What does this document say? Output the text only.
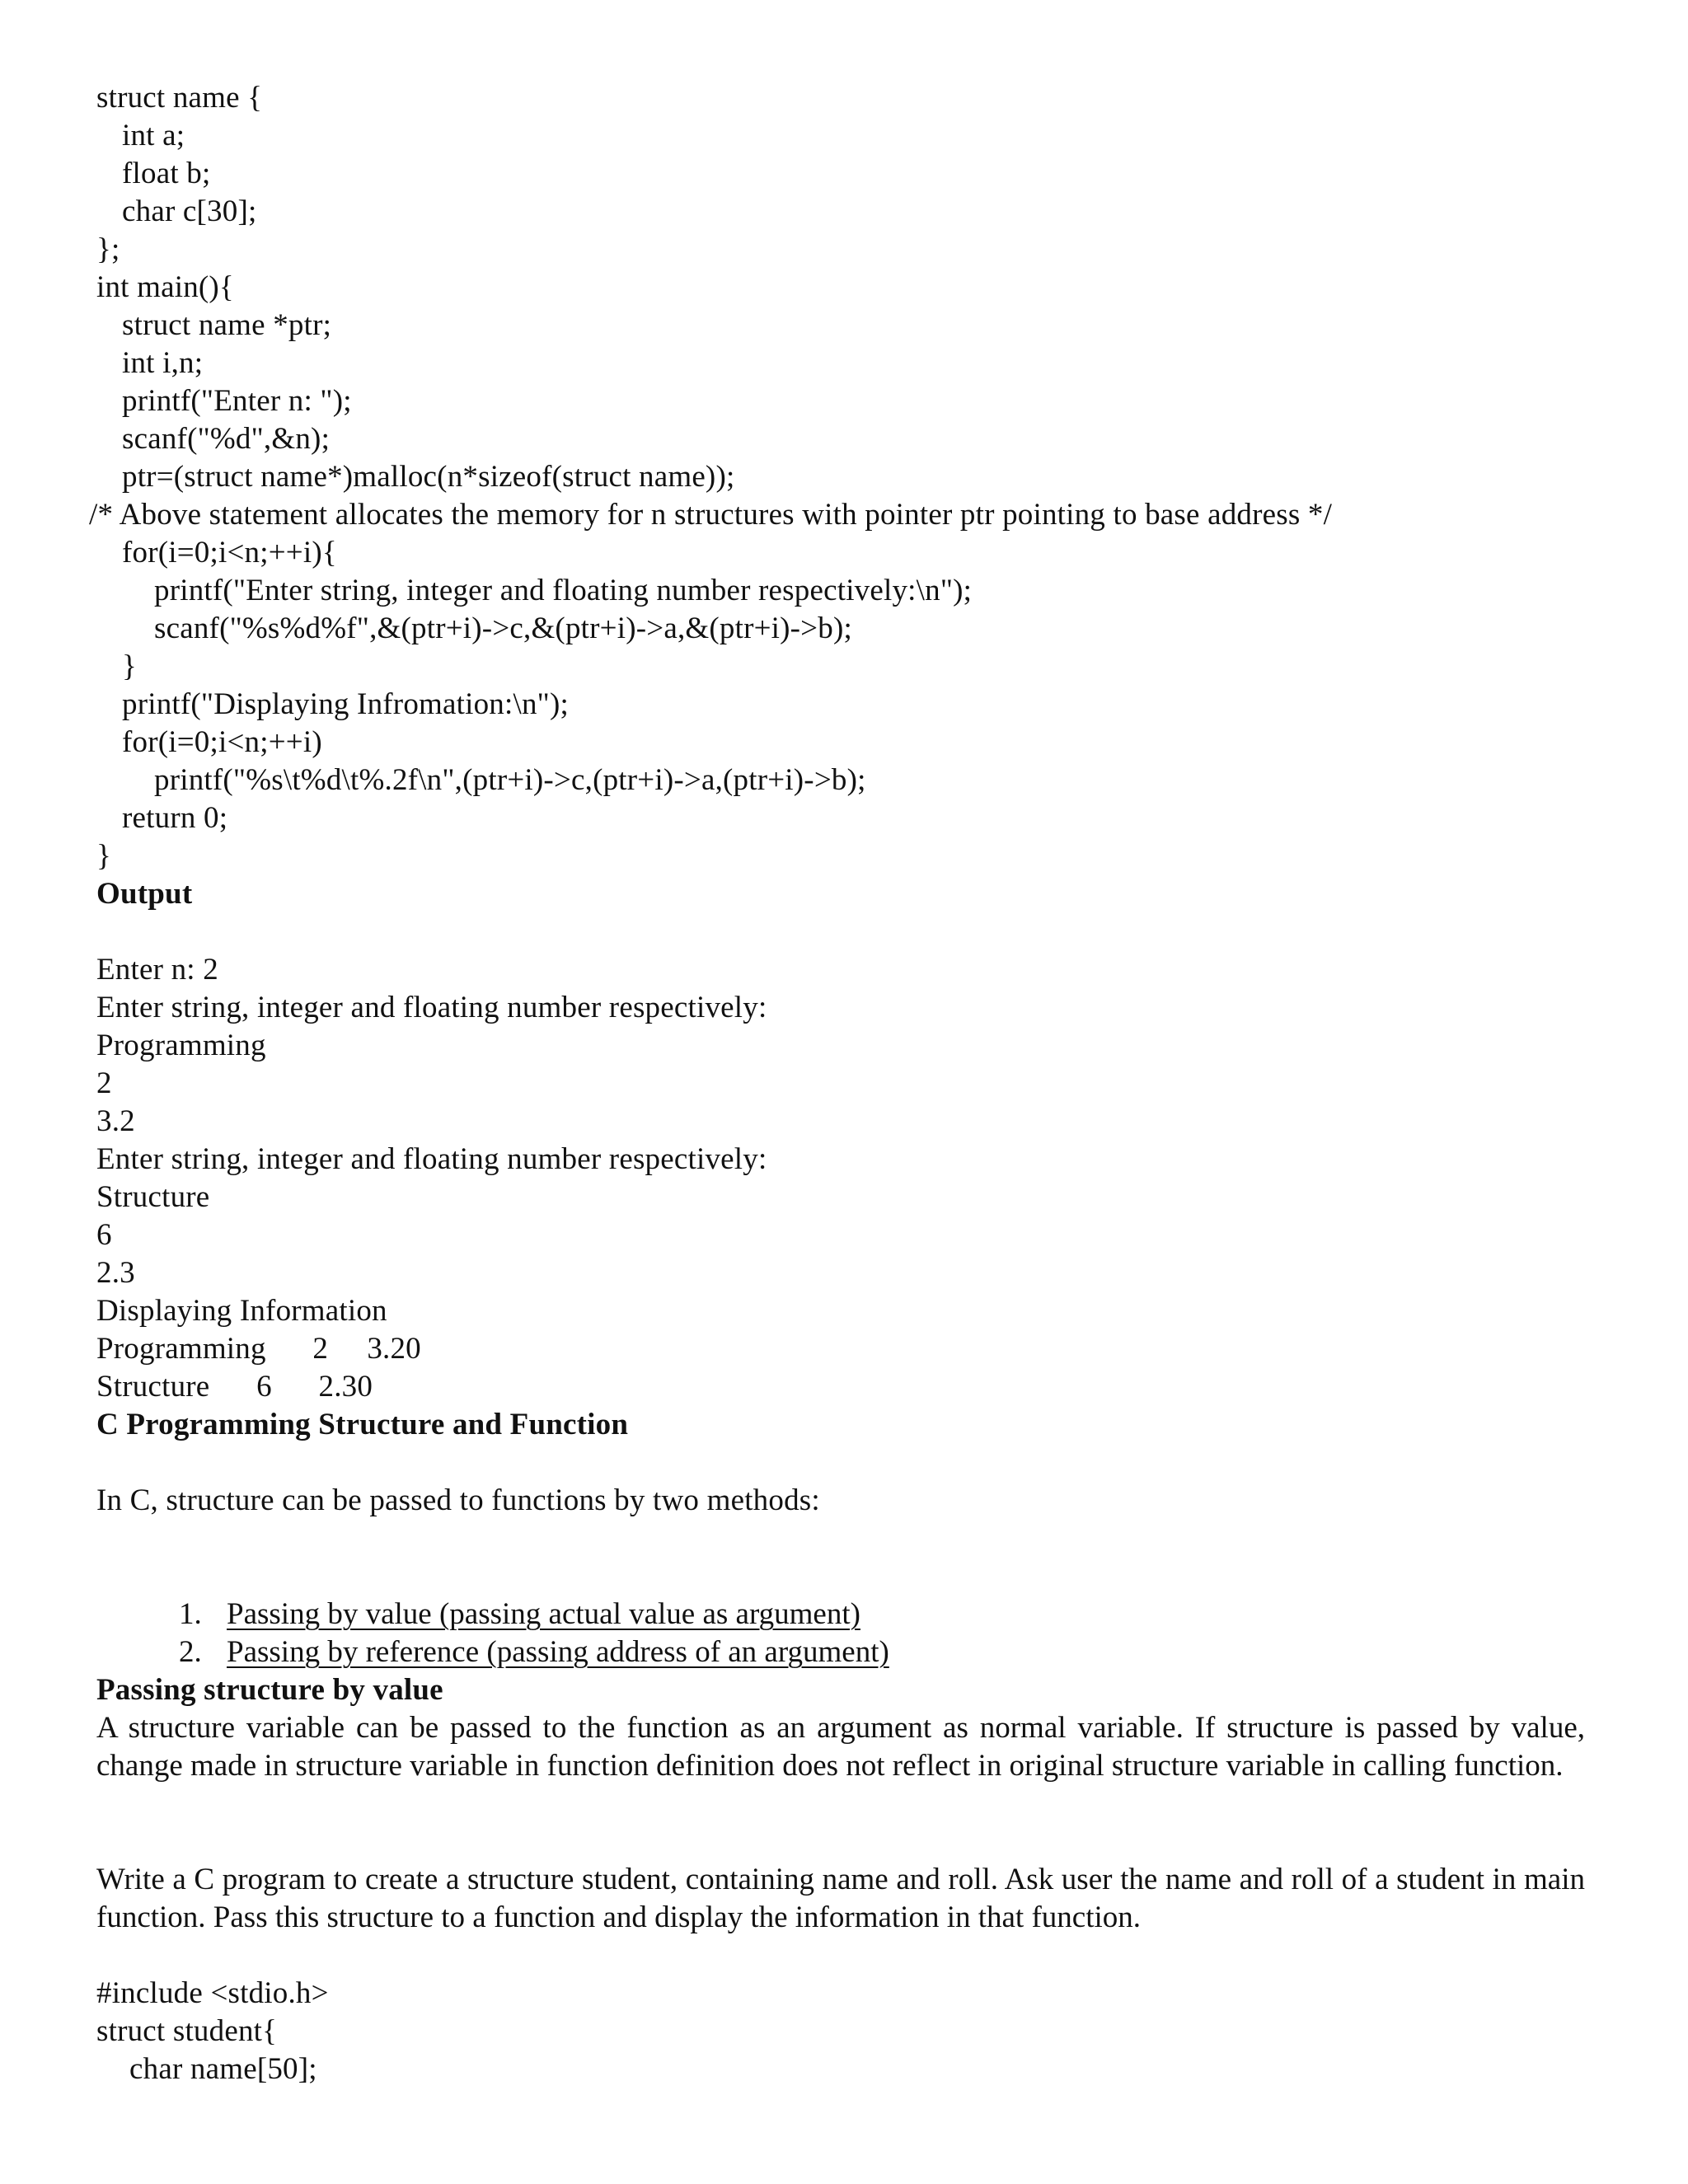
struct name {
int a;
float b;
char c[30];
};
int main(){
struct name *ptr;
int i,n;
printf("Enter n: ");
scanf("%d",&n);
ptr=(struct name*)malloc(n*sizeof(struct name));
/* Above statement allocates the memory for n structures with pointer ptr pointing to base address */
for(i=0;i<n;++i){
printf("Enter string, integer and floating number respectively:\n");
scanf("%s%d%f",&(ptr+i)->c,&(ptr+i)->a,&(ptr+i)->b);
}
printf("Displaying Infromation:\n");
for(i=0;i<n;++i)
printf("%s\t%d\t%.2f\n",(ptr+i)->c,(ptr+i)->a,(ptr+i)->b);
return 0;
}
Output
Enter n: 2
Enter string, integer and floating number respectively:
Programming
2
3.2
Enter string, integer and floating number respectively:
Structure
6
2.3
Displaying Information
Programming      2     3.20
Structure      6      2.30
C Programming Structure and Function
In C, structure can be passed to functions by two methods:

1. Passing by value (passing actual value as argument)

2. Passing by reference (passing address of an argument)

Passing structure by value
A structure variable can be passed to the function as an argument as normal variable. If structure is passed by value, change made in structure variable in function definition does not reflect in original structure variable in calling function.
Write a C program to create a structure student, containing name and roll. Ask user the name and roll of a student in main function. Pass this structure to a function and display the information in that function.
#include <stdio.h>
struct student{
char name[50];
